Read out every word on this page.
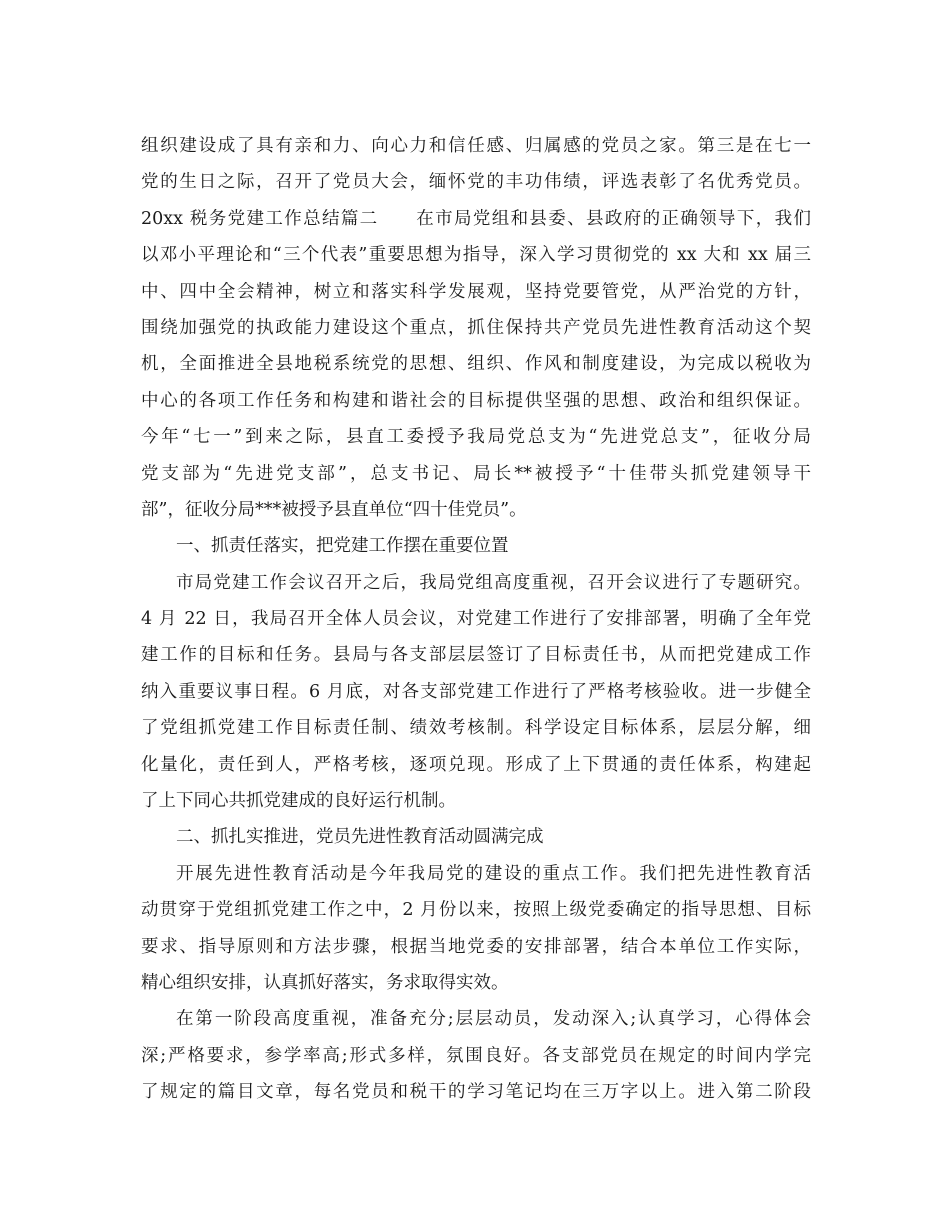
组织建设成了具有亲和力、向心力和信任感、归属感的党员之家。第三是在七一
党的生日之际，召开了党员大会，缅怀党的丰功伟绩，评选表彰了名优秀党员。
20xx 税务党建工作总结篇二　　在市局党组和县委、县政府的正确领导下，我们
以邓小平理论和“三个代表”重要思想为指导，深入学习贯彻党的 xx 大和 xx 届三
中、四中全会精神，树立和落实科学发展观，坚持党要管党，从严治党的方针，
围绕加强党的执政能力建设这个重点，抓住保持共产党员先进性教育活动这个契
机，全面推进全县地税系统党的思想、组织、作风和制度建设，为完成以税收为
中心的各项工作任务和构建和谐社会的目标提供坚强的思想、政治和组织保证。
今年“七一”到来之际，县直工委授予我局党总支为“先进党总支”，征收分局
党支部为“先进党支部”，总支书记、局长**被授予“十佳带头抓党建领导干
部”，征收分局***被授予县直单位“四十佳党员”。
一、抓责任落实，把党建工作摆在重要位置
市局党建工作会议召开之后，我局党组高度重视，召开会议进行了专题研究。
4 月 22 日，我局召开全体人员会议，对党建工作进行了安排部署，明确了全年党
建工作的目标和任务。县局与各支部层层签订了目标责任书，从而把党建成工作
纳入重要议事日程。6 月底，对各支部党建工作进行了严格考核验收。进一步健全
了党组抓党建工作目标责任制、绩效考核制。科学设定目标体系，层层分解，细
化量化，责任到人，严格考核，逐项兑现。形成了上下贯通的责任体系，构建起
了上下同心共抓党建成的良好运行机制。
二、抓扎实推进，党员先进性教育活动圆满完成
开展先进性教育活动是今年我局党的建设的重点工作。我们把先进性教育活
动贯穿于党组抓党建工作之中，2 月份以来，按照上级党委确定的指导思想、目标
要求、指导原则和方法步骤，根据当地党委的安排部署，结合本单位工作实际，
精心组织安排，认真抓好落实，务求取得实效。
在第一阶段高度重视，准备充分;层层动员，发动深入;认真学习，心得体会
深;严格要求，参学率高;形式多样，氛围良好。各支部党员在规定的时间内学完
了规定的篇目文章，每名党员和税干的学习笔记均在三万字以上。进入第二阶段
